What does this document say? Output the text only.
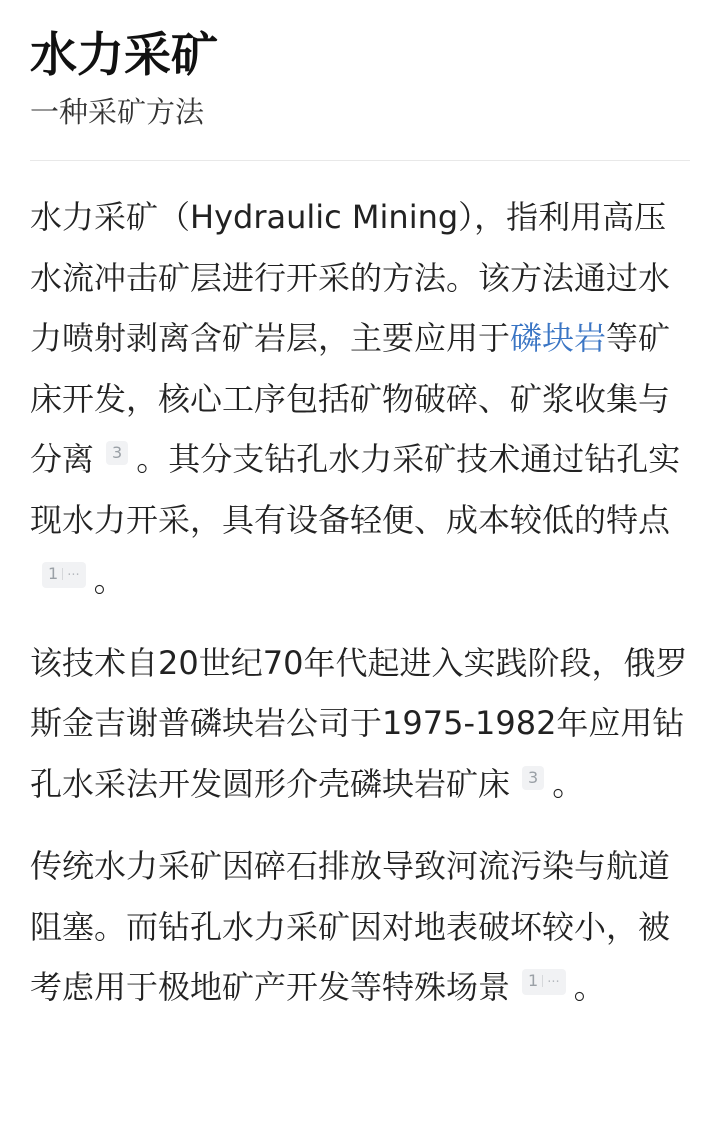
水力采矿

一种采矿方法

水力采矿（Hydraulic Mining），指利用高压水流冲击矿层进行开采的方法。该方法通过水力喷射剥离含矿岩层，主要应用于磷块岩等矿床开发，核心工序包括矿物破碎、矿浆收集与分离 3 。其分支钻孔水力采矿技术通过钻孔实现水力开采，具有设备轻便、成本较低的特点1 ··· 。

该技术自20世纪70年代起进入实践阶段，俄罗斯金吉谢普磷块岩公司于1975-1982年应用钻孔水采法开发圆形介壳磷块岩矿床 3 。

传统水力采矿因碎石排放导致河流污染与航道阻塞。而钻孔水力采矿因对地表破坏较小，被考虑用于极地矿产开发等特殊场景 1 ··· 。
